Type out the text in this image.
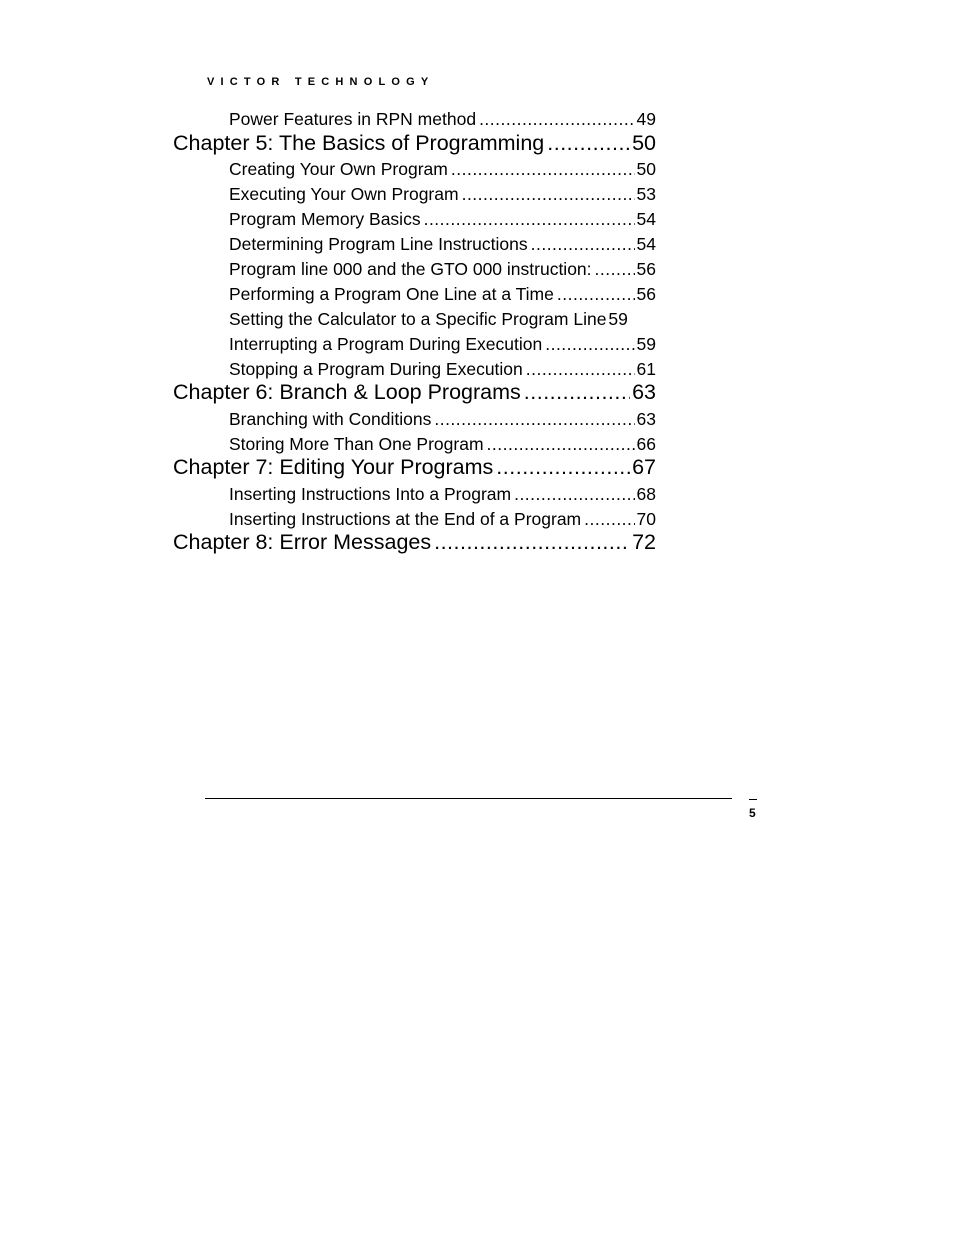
VICTOR TECHNOLOGY
Power Features in RPN method .....	49
Chapter 5: The Basics of Programming .....	50
Creating Your Own Program .....	50
Executing Your Own Program .....	53
Program Memory Basics .....	54
Determining Program Line Instructions .....	54
Program line 000 and the GTO 000 instruction: .....	56
Performing a Program One Line at a Time .....	56
Setting the Calculator to a Specific Program Line 59
Interrupting a Program During Execution .....	59
Stopping a Program During Execution .....	61
Chapter 6: Branch & Loop Programs .....	63
Branching with Conditions .....	63
Storing More Than One Program .....	66
Chapter 7: Editing Your Programs .....	67
Inserting Instructions Into a Program .....	68
Inserting Instructions at the End of a Program .....	70
Chapter 8: Error Messages .....	72
5
